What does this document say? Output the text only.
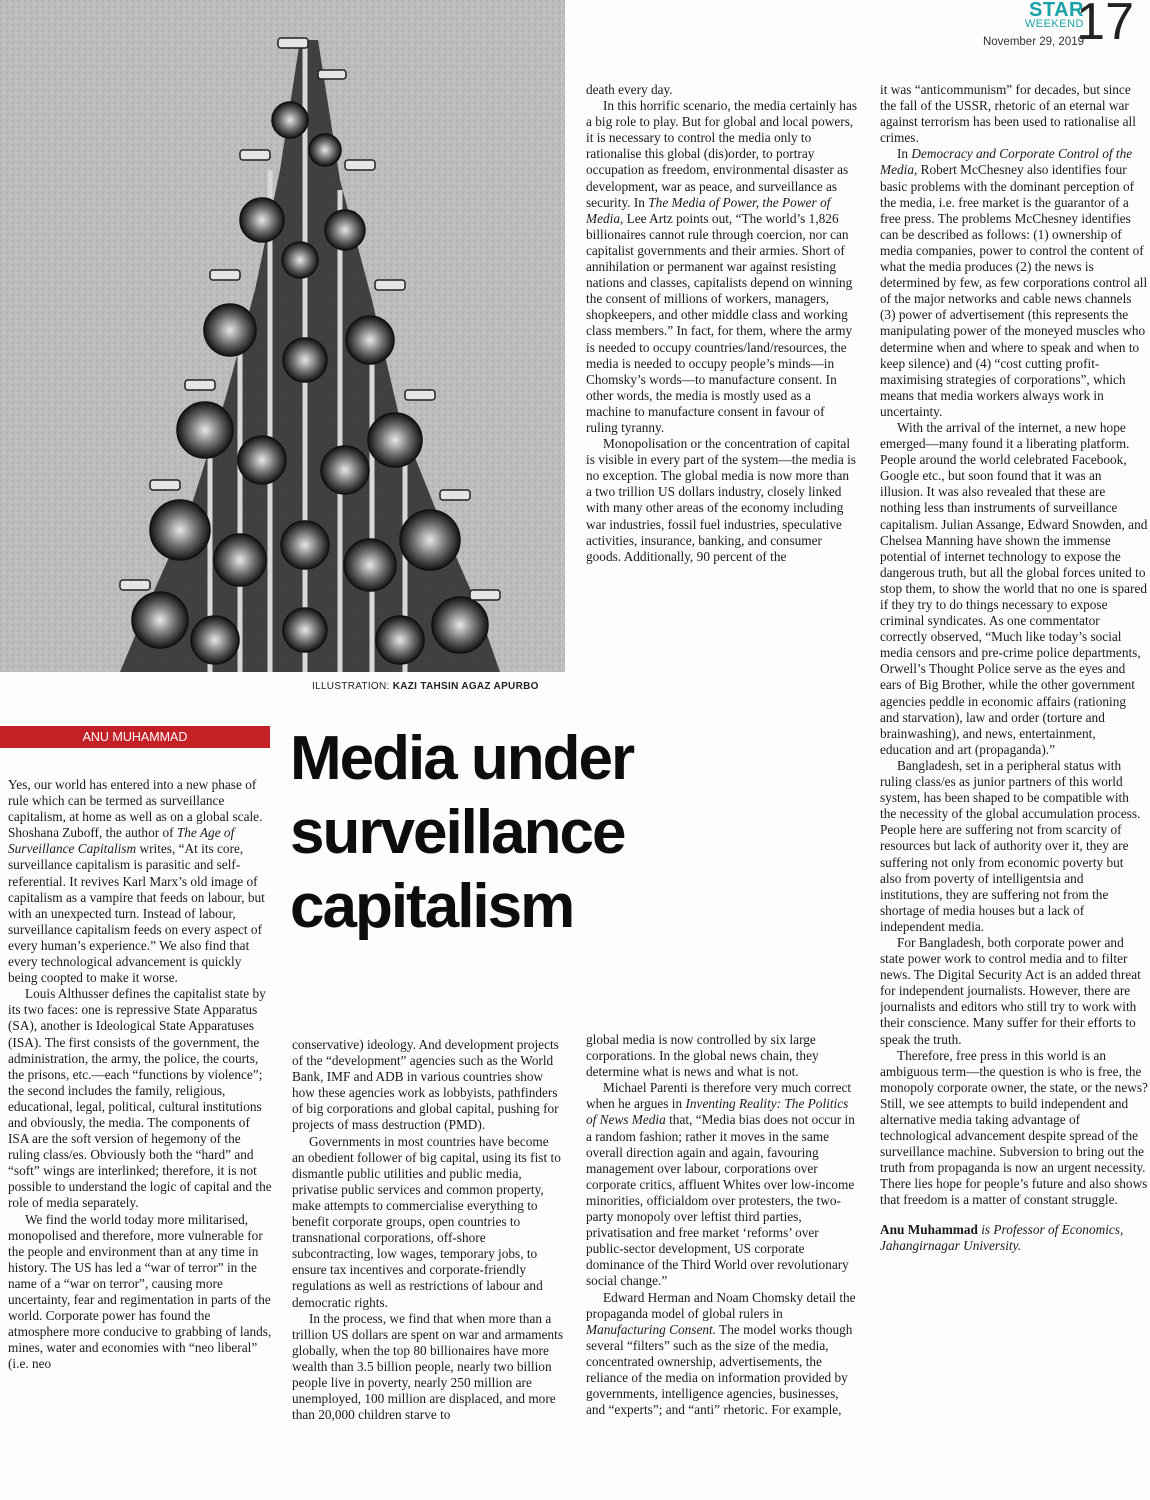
STAR
WEEKEND
17
November 29, 2019
ILLUSTRATION: KAZI TAHSIN AGAZ APURBO
ANU MUHAMMAD	Media under
surveillance
capitalism

Yes, our world has entered into a new phase of rule which can be termed as surveillance capitalism, at home as well as on a global scale. Shoshana Zuboff, the author of The Age of Surveillance Capitalism writes, “At its core, surveillance capitalism is parasitic and self-referential. It revives Karl Marx’s old image of capitalism as a vampire that feeds on labour, but with an unexpected turn. Instead of labour, surveillance capitalism feeds on every aspect of every human’s experience.” We also find that every technological advancement is quickly being coopted to make it worse.

Louis Althusser defines the capitalist state by its two faces: one is repressive State Apparatus (SA), another is Ideological State Apparatuses (ISA). The first consists of the government, the administration, the army, the police, the courts, the prisons, etc.—each “functions by violence”; the second includes the family, religious, educational, legal, political, cultural institutions and obviously, the media. The components of ISA are the soft version of hegemony of the ruling class/es. Obviously both the “hard” and “soft” wings are interlinked; therefore, it is not possible to understand the logic of capital and the role of media separately.

We find the world today more militarised, monopolised and therefore, more vulnerable for the people and environment than at any time in history. The US has led a “war of terror” in the name of a “war on terror”, causing more uncertainty, fear and regimentation in parts of the world. Corporate power has found the atmosphere more conducive to grabbing of lands, mines, water and economies with “neo liberal” (i.e. neo

conservative) ideology. And development projects of the “development” agencies such as the World Bank, IMF and ADB in various countries show how these agencies work as lobbyists, pathfinders of big corporations and global capital, pushing for projects of mass destruction (PMD).

Governments in most countries have become an obedient follower of big capital, using its fist to dismantle public utilities and public media, privatise public services and common property, make attempts to commercialise everything to benefit corporate groups, open countries to transnational corporations, off-shore subcontracting, low wages, temporary jobs, to ensure tax incentives and corporate-friendly regulations as well as restrictions of labour and democratic rights.

In the process, we find that when more than a trillion US dollars are spent on war and armaments globally, when the top 80 billionaires have more wealth than 3.5 billion people, nearly two billion people live in poverty, nearly 250 million are unemployed, 100 million are displaced, and more than 20,000 children starve to

death every day.

In this horrific scenario, the media certainly has a big role to play. But for global and local powers, it is necessary to control the media only to rationalise this global (dis)order, to portray occupation as freedom, environmental disaster as development, war as peace, and surveillance as security. In The Media of Power, the Power of Media, Lee Artz points out, “The world’s 1,826 billionaires cannot rule through coercion, nor can capitalist governments and their armies. Short of annihilation or permanent war against resisting nations and classes, capitalists depend on winning the consent of millions of workers, managers, shopkeepers, and other middle class and working class members.” In fact, for them, where the army is needed to occupy countries/land/resources, the media is needed to occupy people’s minds—in Chomsky’s words—to manufacture consent. In other words, the media is mostly used as a machine to manufacture consent in favour of ruling tyranny.

Monopolisation or the concentration of capital is visible in every part of the system—the media is no exception. The global media is now more than a two trillion US dollars industry, closely linked with many other areas of the economy including war industries, fossil fuel industries, speculative activities, insurance, banking, and consumer goods. Additionally, 90 percent of the

global media is now controlled by six large corporations. In the global news chain, they determine what is news and what is not.

Michael Parenti is therefore very much correct when he argues in Inventing Reality: The Politics of News Media that, “Media bias does not occur in a random fashion; rather it moves in the same overall direction again and again, favouring management over labour, corporations over corporate critics, affluent Whites over low-income minorities, officialdom over protesters, the two-party monopoly over leftist third parties, privatisation and free market ‘reforms’ over public-sector development, US corporate dominance of the Third World over revolutionary social change.”

Edward Herman and Noam Chomsky detail the propaganda model of global rulers in Manufacturing Consent. The model works though several “filters” such as the size of the media, concentrated ownership, advertisements, the reliance of the media on information provided by governments, intelligence agencies, businesses, and “experts”; and “anti” rhetoric. For example,

it was “anticommunism” for decades, but since the fall of the USSR, rhetoric of an eternal war against terrorism has been used to rationalise all crimes.

In Democracy and Corporate Control of the Media, Robert McChesney also identifies four basic problems with the dominant perception of the media, i.e. free market is the guarantor of a free press. The problems McChesney identifies can be described as follows: (1) ownership of media companies, power to control the content of what the media produces (2) the news is determined by few, as few corporations control all of the major networks and cable news channels (3) power of advertisement (this represents the manipulating power of the moneyed muscles who determine when and where to speak and when to keep silence) and (4) “cost cutting profit-maximising strategies of corporations”, which means that media workers always work in uncertainty.

With the arrival of the internet, a new hope emerged—many found it a liberating platform. People around the world celebrated Facebook, Google etc., but soon found that it was an illusion. It was also revealed that these are nothing less than instruments of surveillance capitalism. Julian Assange, Edward Snowden, and Chelsea Manning have shown the immense potential of internet technology to expose the dangerous truth, but all the global forces united to stop them, to show the world that no one is spared if they try to do things necessary to expose criminal syndicates. As one commentator correctly observed, “Much like today’s social media censors and pre-crime police departments, Orwell’s Thought Police serve as the eyes and ears of Big Brother, while the other government agencies peddle in economic affairs (rationing and starvation), law and order (torture and brainwashing), and news, entertainment, education and art (propaganda).”

Bangladesh, set in a peripheral status with ruling class/es as junior partners of this world system, has been shaped to be compatible with the necessity of the global accumulation process. People here are suffering not from scarcity of resources but lack of authority over it, they are suffering not only from economic poverty but also from poverty of intelligentsia and institutions, they are suffering not from the shortage of media houses but a lack of independent media.

For Bangladesh, both corporate power and state power work to control media and to filter news. The Digital Security Act is an added threat for independent journalists. However, there are journalists and editors who still try to work with their conscience. Many suffer for their efforts to speak the truth.

Therefore, free press in this world is an ambiguous term—the question is who is free, the monopoly corporate owner, the state, or the news? Still, we see attempts to build independent and alternative media taking advantage of technological advancement despite spread of the surveillance machine. Subversion to bring out the truth from propaganda is now an urgent necessity. There lies hope for people’s future and also shows that freedom is a matter of constant struggle.

Anu Muhammad is Professor of Economics, Jahangirnagar University.
